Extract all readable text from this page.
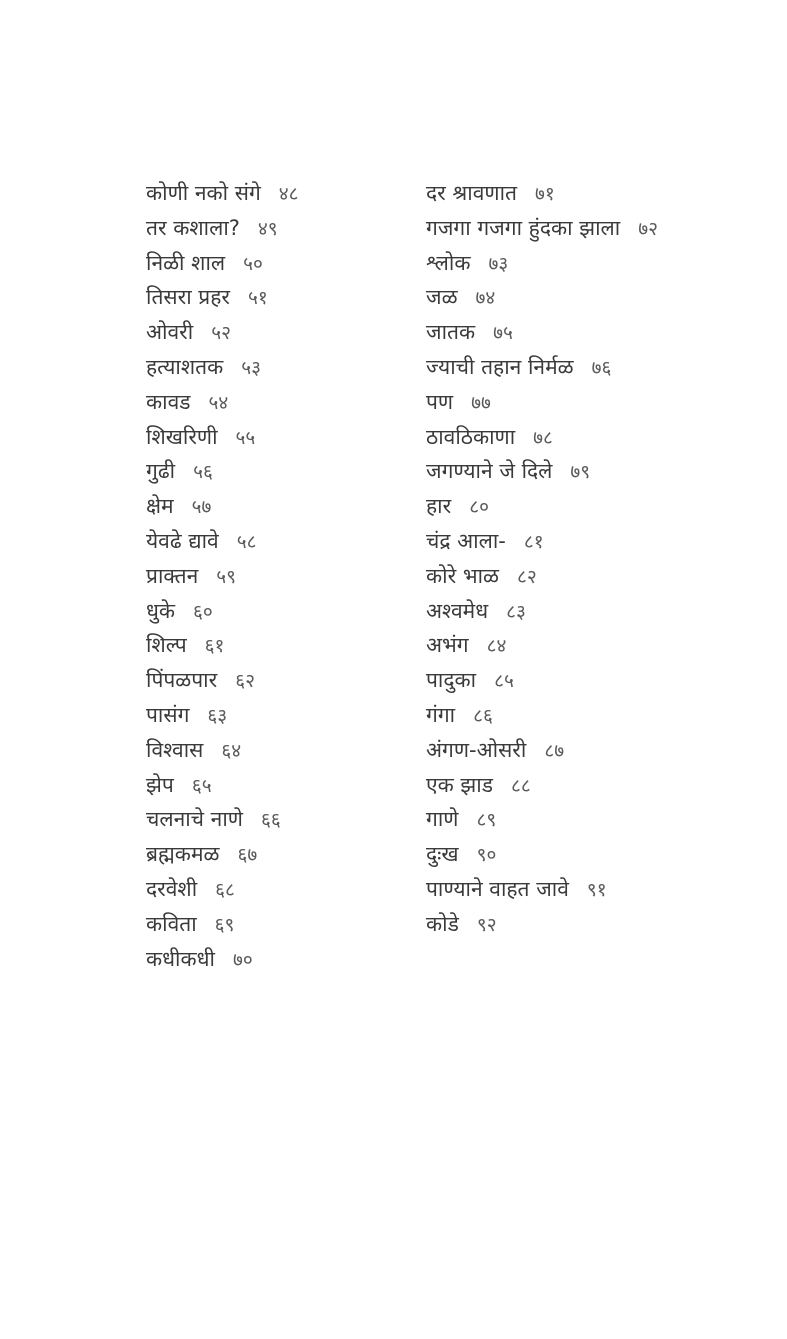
कोणी नको संगे ४८
तर कशाला? ४९
निळी शाल ५०
तिसरा प्रहर ५१
ओवरी ५२
हत्याशतक ५३
कावड ५४
शिखरिणी ५५
गुढी ५६
क्षेम ५७
येवढे द्यावे ५८
प्राक्तन ५९
धुके ६०
शिल्प ६१
पिंपळपार ६२
पासंग ६३
विश्वास ६४
झेप ६५
चलनाचे नाणे ६६
ब्रह्मकमळ ६७
दरवेशी ६८
कविता ६९
कधीकधी ७०
दर श्रावणात ७१
गजगा गजगा हुंदका झाला ७२
श्लोक ७३
जळ ७४
जातक ७५
ज्याची तहान निर्मळ ७६
पण ७७
ठावठिकाणा ७८
जगण्याने जे दिले ७९
हार ८०
चंद्र आला- ८१
कोरे भाळ ८२
अश्वमेध ८३
अभंग ८४
पादुका ८५
गंगा ८६
अंगण-ओसरी ८७
एक झाड ८८
गाणे ८९
दुःख ९०
पाण्याने वाहत जावे ९१
कोडे ९२
